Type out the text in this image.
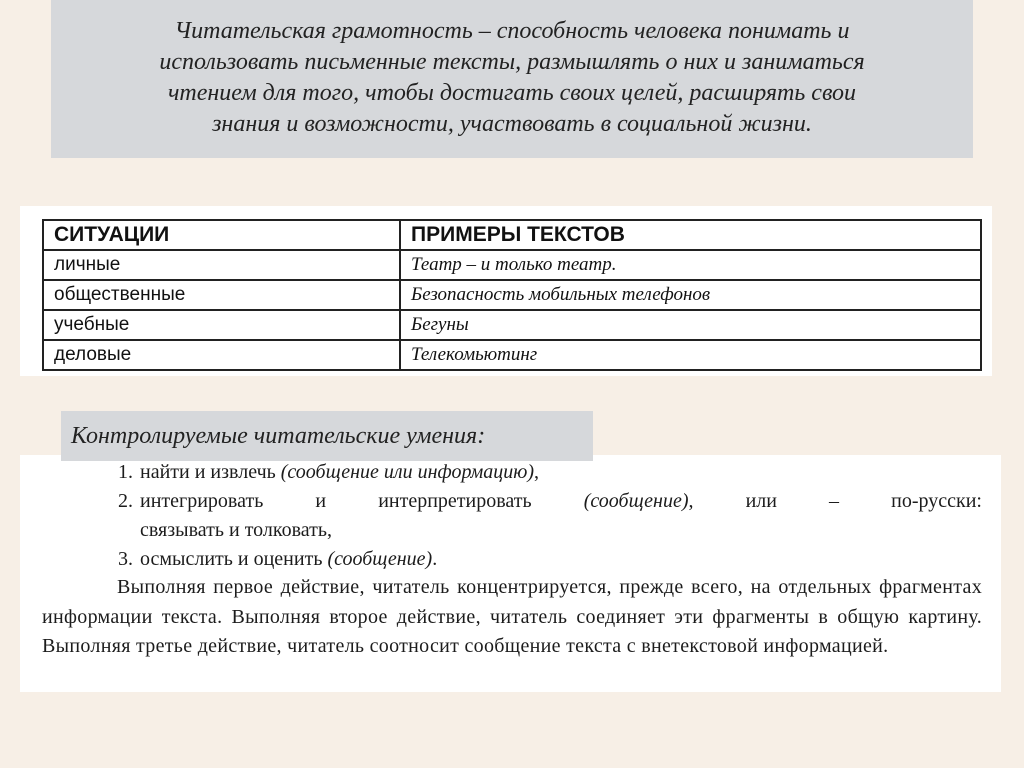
Читательская грамотность – способность человека понимать и
использовать письменные тексты, размышлять о них и заниматься
чтением для того, чтобы достигать своих целей, расширять свои
знания и возможности, участвовать в социальной жизни.
СИТУАЦИИ	ПРИМЕРЫ ТЕКСТОВ
личные	Театр – и только театр.
общественные	Безопасность мобильных телефонов
учебные	Бегуны
деловые	Телекомьютинг
1. найти и извлечь (сообщение или информацию),
2. интегрировать	и	интерпретировать	(сообщение),	или	–	по-русски:
связывать и толковать,
3. осмыслить и оценить (сообщение).
Выполняя первое действие, читатель концентрируется, прежде всего, на отдельных фрагментах информации текста. Выполняя второе действие, читатель соединяет эти фрагменты в общую картину. Выполняя третье действие, читатель соотносит сообщение текста с внетекстовой информацией.
Контролируемые читательские умения:
